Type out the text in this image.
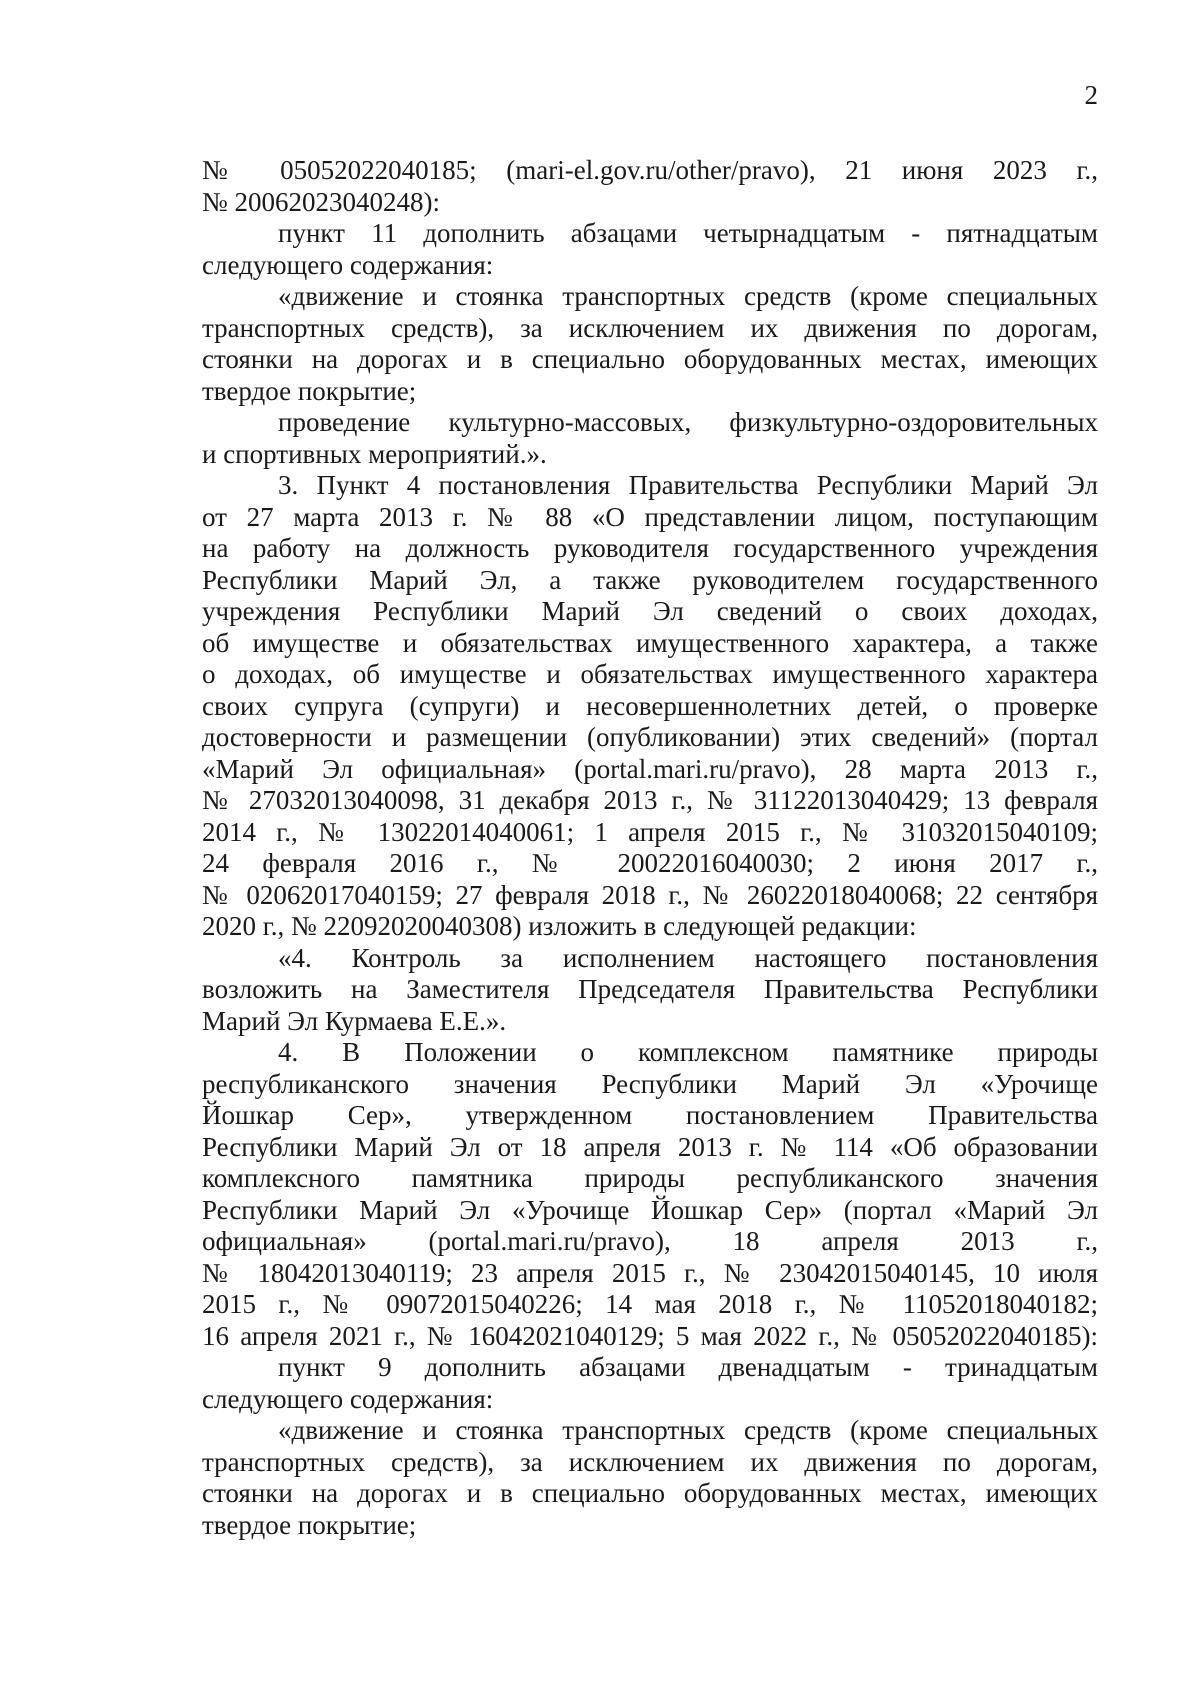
2
№ 05052022040185; (mari-el.gov.ru/other/pravo), 21 июня 2023 г.,
№ 20062023040248):
пункт 11 дополнить абзацами четырнадцатым - пятнадцатым
следующего содержания:
«движение и стоянка транспортных средств (кроме специальных
транспортных средств), за исключением их движения по дорогам,
стоянки на дорогах и в специально оборудованных местах, имеющих
твердое покрытие;
проведение культурно-массовых, физкультурно-оздоровительных
и спортивных мероприятий.».
3. Пункт 4 постановления Правительства Республики Марий Эл
от 27 марта 2013 г. № 88 «О представлении лицом, поступающим
на работу на должность руководителя государственного учреждения
Республики Марий Эл, а также руководителем государственного
учреждения Республики Марий Эл сведений о своих доходах,
об имуществе и обязательствах имущественного характера, а также
о доходах, об имуществе и обязательствах имущественного характера
своих супруга (супруги) и несовершеннолетних детей, о проверке
достоверности и размещении (опубликовании) этих сведений» (портал
«Марий Эл официальная» (portal.mari.ru/pravo), 28 марта 2013 г.,
№ 27032013040098, 31 декабря 2013 г., № 31122013040429; 13 февраля
2014 г., № 13022014040061; 1 апреля 2015 г., № 31032015040109;
24 февраля 2016 г., № 20022016040030; 2 июня 2017 г.,
№ 02062017040159; 27 февраля 2018 г., № 26022018040068; 22 сентября
2020 г., № 22092020040308) изложить в следующей редакции:
«4. Контроль за исполнением настоящего постановления
возложить на Заместителя Председателя Правительства Республики
Марий Эл Курмаева Е.Е.».
4. В Положении о комплексном памятнике природы
республиканского значения Республики Марий Эл «Урочище
Йошкар Сер», утвержденном постановлением Правительства
Республики Марий Эл от 18 апреля 2013 г. № 114 «Об образовании
комплексного памятника природы республиканского значения
Республики Марий Эл «Урочище Йошкар Сер» (портал «Марий Эл
официальная» (portal.mari.ru/pravo), 18 апреля 2013 г.,
№ 18042013040119; 23 апреля 2015 г., № 23042015040145, 10 июля
2015 г., № 09072015040226; 14 мая 2018 г., № 11052018040182;
16 апреля 2021 г., № 16042021040129; 5 мая 2022 г., № 05052022040185):
пункт 9 дополнить абзацами двенадцатым - тринадцатым
следующего содержания:
«движение и стоянка транспортных средств (кроме специальных
транспортных средств), за исключением их движения по дорогам,
стоянки на дорогах и в специально оборудованных местах, имеющих
твердое покрытие;
